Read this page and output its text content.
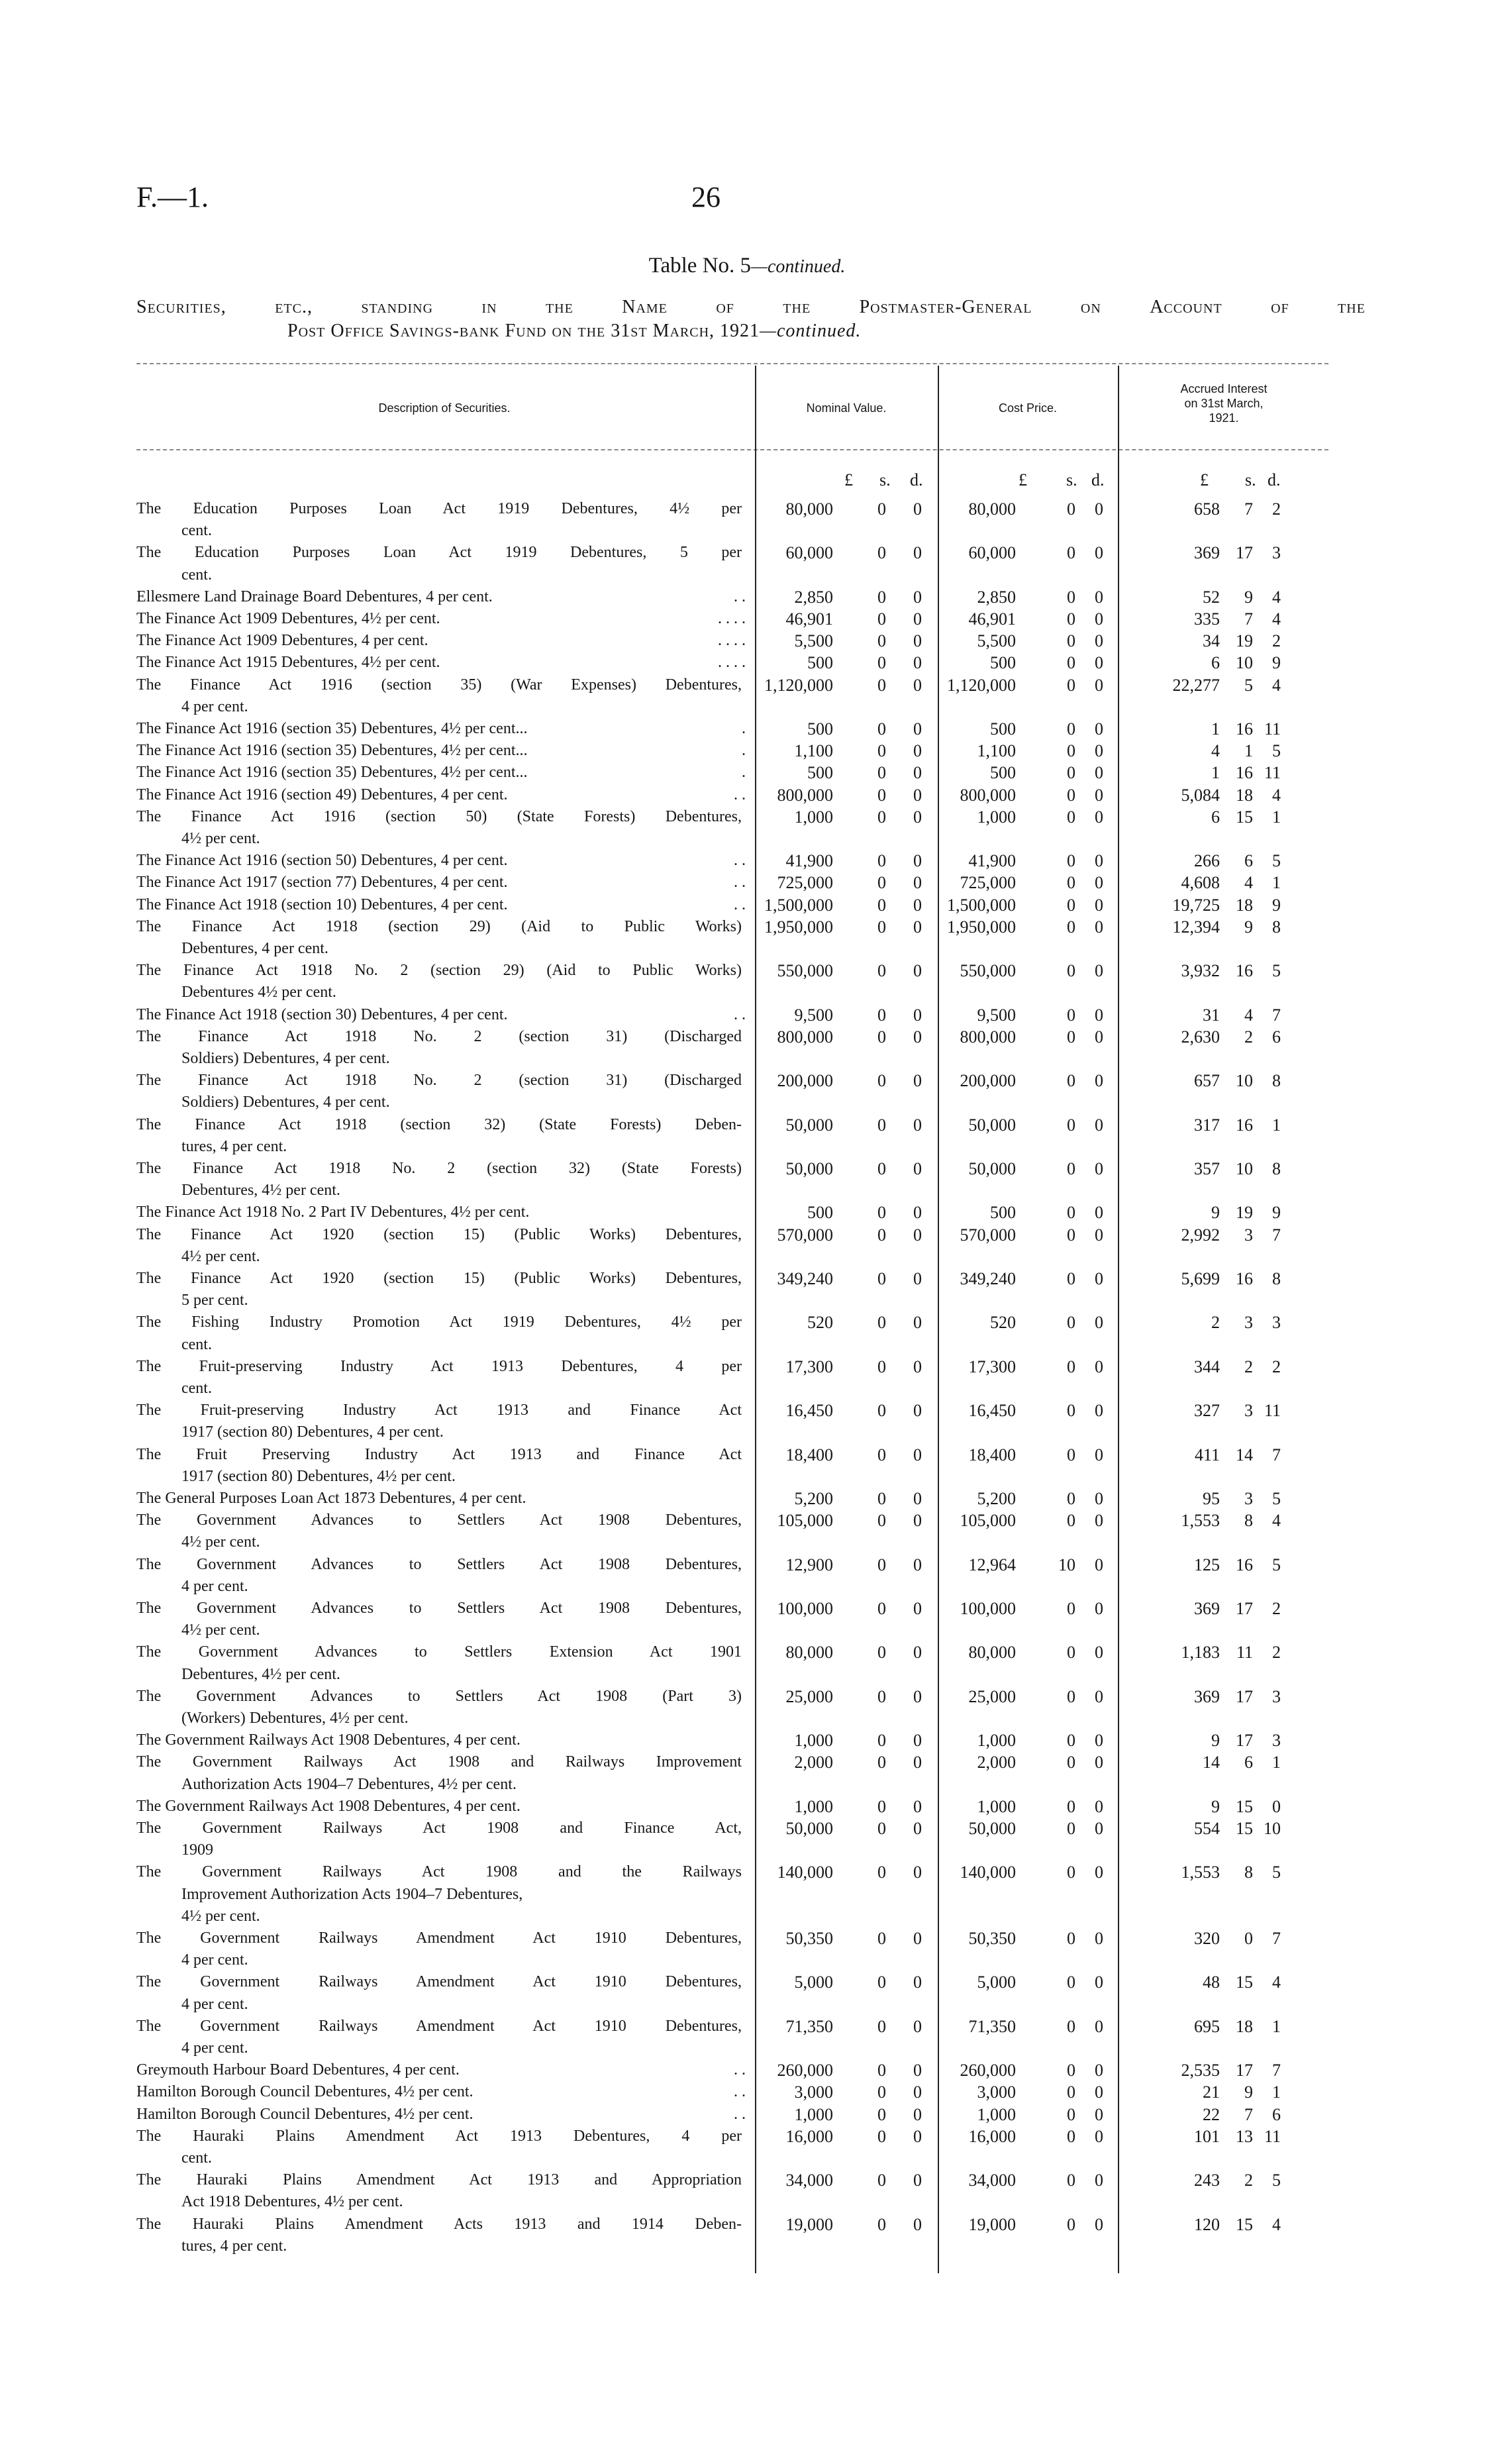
F.—1.	26
Table No. 5—continued.
Securities,	etc.,	standing	in	the	Name	of	the	Postmaster-General	on	Account	of	the
Post Office Savings-bank Fund on the 31st March, 1921—continued.
Description of Securities.	Nominal Value.	Cost Price.
Accrued Interest
on 31st March,
1921.
£ s. d.	£ s. d.	£ s. d.
The Education Purposes Loan Act 1919 Debentures, 4½ per
cent.
80,000	0	0	80,000	0	0	658	7	2
The Education Purposes Loan Act 1919 Debentures, 5 per
cent.
60,000	0	0	60,000	0	0	369 17	3
Ellesmere Land Drainage Board Debentures, 4 per cent.	. .	2,850	0	0	2,850	0	0	52	9	4
The Finance Act 1909 Debentures, 4½ per cent.	. . . .	46,901	0	0	46,901	0	0	335	7	4
The Finance Act 1909 Debentures, 4 per cent.	. . . .	5,500	0	0	5,500	0	0	34 19	2
The Finance Act 1915 Debentures, 4½ per cent.	. . . .	500	0	0	500	0	0	6 10	9
The Finance Act 1916 (section 35) (War Expenses) Debentures,
4 per cent.
1,120,000	0	0	1,120,000	0	0	22,277	5	4
The Finance Act 1916 (section 35) Debentures, 4½ per cent...	.	500	0	0	500	0	0	1 16 11
The Finance Act 1916 (section 35) Debentures, 4½ per cent...	.	1,100	0	0	1,100	0	0	4	1	5
The Finance Act 1916 (section 35) Debentures, 4½ per cent...	.	500	0	0	500	0	0	1 16 11
The Finance Act 1916 (section 49) Debentures, 4 per cent.	. .	800,000	0	0	800,000	0	0	5,084 18	4
The Finance Act 1916 (section 50) (State Forests) Debentures,
4½ per cent.
1,000	0	0	1,000	0	0	6 15	1
The Finance Act 1916 (section 50) Debentures, 4 per cent.	. .	41,900	0	0	41,900	0	0	266	6	5
The Finance Act 1917 (section 77) Debentures, 4 per cent.	. .	725,000	0	0	725,000	0	0	4,608	4	1
The Finance Act 1918 (section 10) Debentures, 4 per cent.	. .	1,500,000	0	0	1,500,000	0	0	19,725 18	9
The Finance Act 1918 (section 29) (Aid to Public Works)
Debentures, 4 per cent.
1,950,000	0	0	1,950,000	0	0	12,394	9	8
The Finance Act 1918 No. 2 (section 29) (Aid to Public Works)
Debentures 4½ per cent.
550,000	0	0	550,000	0	0	3,932 16	5
The Finance Act 1918 (section 30) Debentures, 4 per cent.	. .	9,500	0	0	9,500	0	0	31	4	7
The Finance Act 1918 No. 2 (section 31) (Discharged
Soldiers) Debentures, 4 per cent.
800,000	0	0	800,000	0	0	2,630	2	6
The Finance Act 1918 No. 2 (section 31) (Discharged
Soldiers) Debentures, 4 per cent.
200,000	0	0	200,000	0	0	657 10	8
The Finance Act 1918 (section 32) (State Forests) Deben-
tures, 4 per cent.
50,000	0	0	50,000	0	0	317 16	1
The Finance Act 1918 No. 2 (section 32) (State Forests)
Debentures, 4½ per cent.
50,000	0	0	50,000	0	0	357 10	8
The Finance Act 1918 No. 2 Part IV Debentures, 4½ per cent.	500	0	0	500	0	0	9 19	9
The Finance Act 1920 (section 15) (Public Works) Debentures,
4½ per cent.
570,000	0	0	570,000	0	0	2,992	3	7
The Finance Act 1920 (section 15) (Public Works) Debentures,
5 per cent.
349,240	0	0	349,240	0	0	5,699 16	8
The Fishing Industry Promotion Act 1919 Debentures, 4½ per
cent.
520	0	0	520	0	0	2	3	3
The Fruit-preserving Industry Act 1913 Debentures, 4 per
cent.
17,300	0	0	17,300	0	0	344	2	2
The Fruit-preserving Industry Act 1913 and Finance Act
1917 (section 80) Debentures, 4 per cent.
16,450	0	0	16,450	0	0	327	3 11
The Fruit Preserving Industry Act 1913 and Finance Act
1917 (section 80) Debentures, 4½ per cent.
18,400	0	0	18,400	0	0	411 14	7
The General Purposes Loan Act 1873 Debentures, 4 per cent.	5,200	0	0	5,200	0	0	95	3	5
The Government Advances to Settlers Act 1908 Debentures,
4½ per cent.
105,000	0	0	105,000	0	0	1,553	8	4
The Government Advances to Settlers Act 1908 Debentures,
4 per cent.
12,900	0	0	12,964	10	0	125 16	5
The Government Advances to Settlers Act 1908 Debentures,
4½ per cent.
100,000	0	0	100,000	0	0	369 17	2
The Government Advances to Settlers Extension Act 1901
Debentures, 4½ per cent.
80,000	0	0	80,000	0	0	1,183 11	2
The Government Advances to Settlers Act 1908 (Part 3)
(Workers) Debentures, 4½ per cent.
25,000	0	0	25,000	0	0	369 17	3
The Government Railways Act 1908 Debentures, 4 per cent.	1,000	0	0	1,000	0	0	9 17	3
The Government Railways Act 1908 and Railways Improvement
Authorization Acts 1904–7 Debentures, 4½ per cent.
2,000	0	0	2,000	0	0	14	6	1
The Government Railways Act 1908 Debentures, 4 per cent.	1,000	0	0	1,000	0	0	9 15	0
The Government Railways Act 1908 and Finance Act,
1909
50,000	0	0	50,000	0	0	554 15 10
The Government Railways Act 1908 and the Railways
Improvement Authorization Acts 1904–7 Debentures,
4½ per cent.
140,000	0	0	140,000	0	0	1,553	8	5
The Government Railways Amendment Act 1910 Debentures,
4 per cent.
50,350	0	0	50,350	0	0	320	0	7
The Government Railways Amendment Act 1910 Debentures,
4 per cent.
5,000	0	0	5,000	0	0	48 15	4
The Government Railways Amendment Act 1910 Debentures,
4 per cent.
71,350	0	0	71,350	0	0	695 18	1
Greymouth Harbour Board Debentures, 4 per cent.	. .	260,000	0	0	260,000	0	0	2,535 17	7
Hamilton Borough Council Debentures, 4½ per cent.	. .	3,000	0	0	3,000	0	0	21	9	1
Hamilton Borough Council Debentures, 4½ per cent.	. .	1,000	0	0	1,000	0	0	22	7	6
The Hauraki Plains Amendment Act 1913 Debentures, 4 per
cent.
16,000	0	0	16,000	0	0	101 13 11
The Hauraki Plains Amendment Act 1913 and Appropriation
Act 1918 Debentures, 4½ per cent.
34,000	0	0	34,000	0	0	243	2	5
The Hauraki Plains Amendment Acts 1913 and 1914 Deben-
tures, 4 per cent.
19,000	0	0	19,000	0	0	120 15	4
